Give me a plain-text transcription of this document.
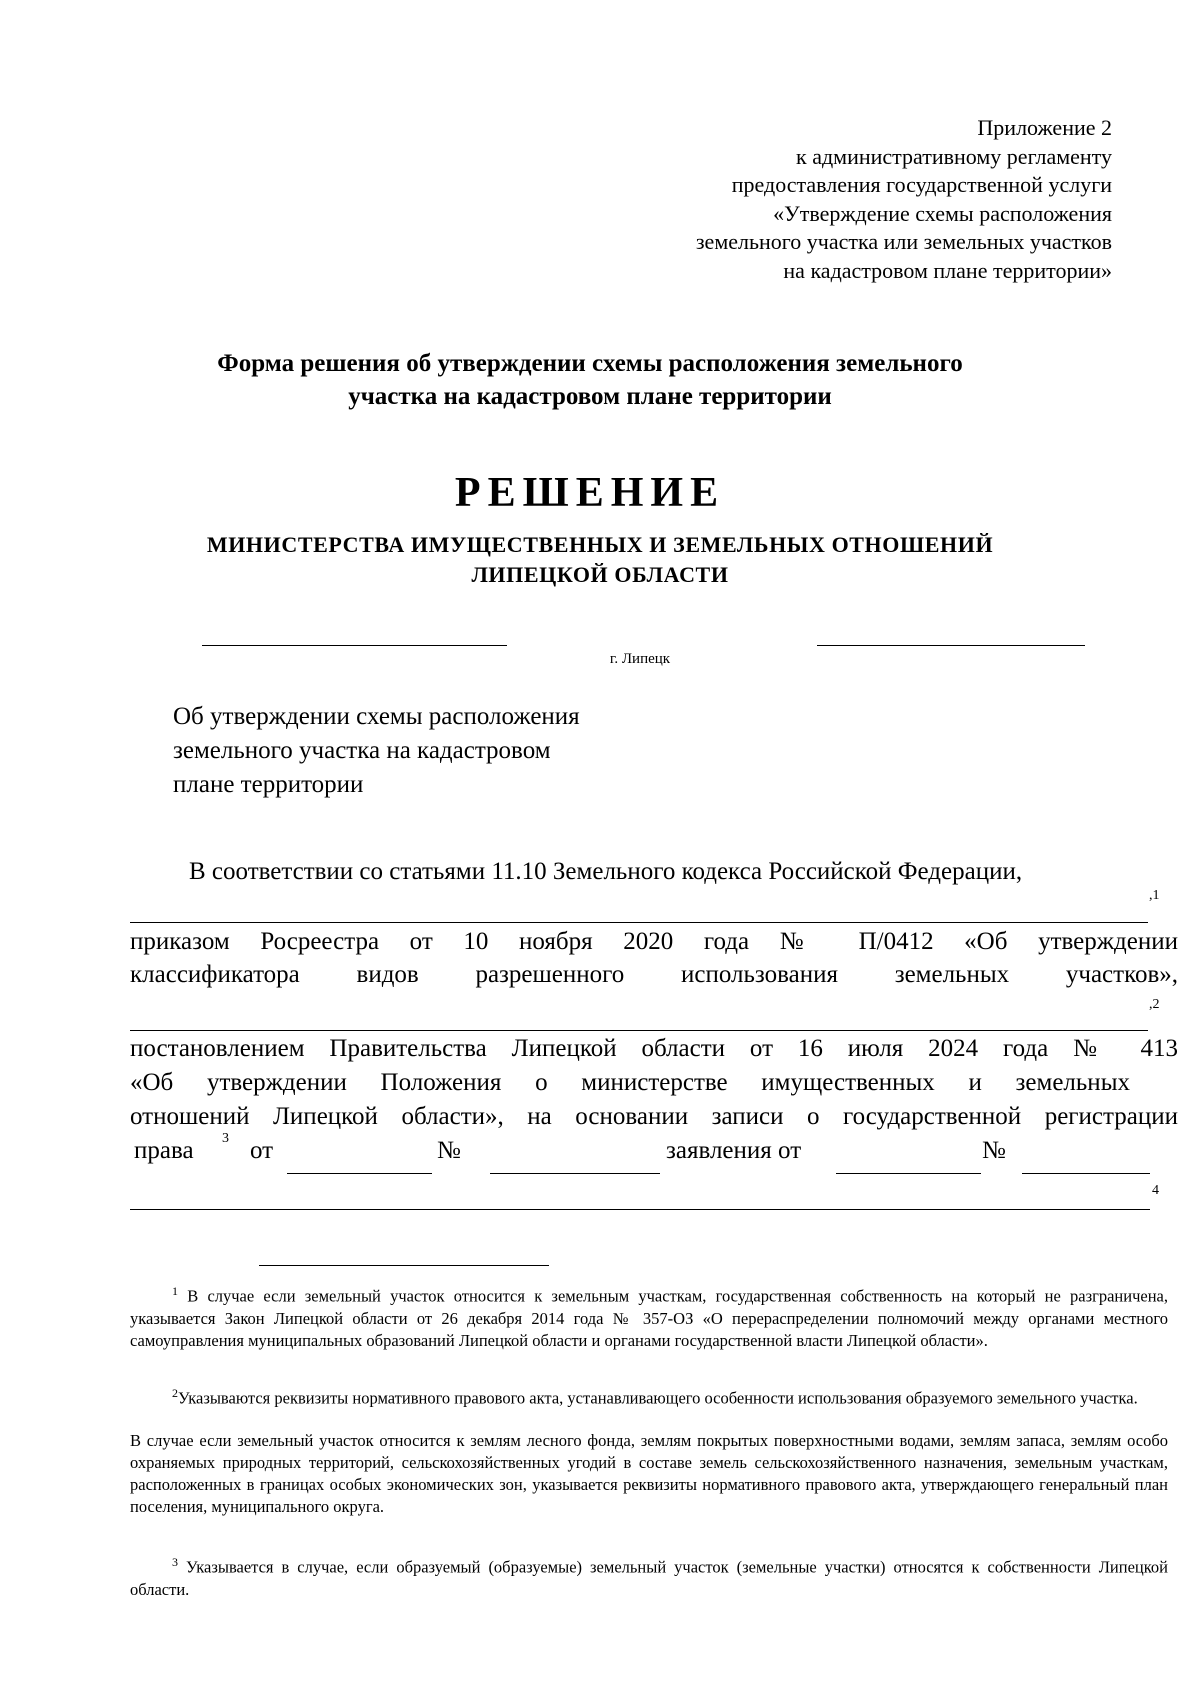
Приложение 2
к административному регламенту
предоставления государственной услуги
«Утверждение схемы расположения
земельного участка или земельных участков
на кадастровом плане территории»
Форма решения об утверждении схемы расположения земельного
участка на кадастровом плане территории
РЕШЕНИЕ
МИНИСТЕРСТВА ИМУЩЕСТВЕННЫХ И ЗЕМЕЛЬНЫХ ОТНОШЕНИЙ
ЛИПЕЦКОЙ ОБЛАСТИ
г. Липецк
Об утверждении схемы расположения
земельного участка на кадастровом
плане территории
В соответствии со статьями 11.10 Земельного кодекса Российской Федерации,
,1
приказом Росреестра от 10 ноября 2020 года № П/0412 «Об утверждении
классификатора видов разрешенного использования земельных участков»,
,2
постановлением Правительства Липецкой области от 16 июля 2024 года № 413
«Об утверждении Положения о министерстве имущественных и земельных
отношений Липецкой области», на основании записи о государственной регистрации
права 3 от	№	заявления от	№
4
$^1$ В случае если земельный участок относится к земельным участкам, государственная собственность на который не разграничена, указывается Закон Липецкой области от 26 декабря 2014 года № 357-ОЗ «О перераспределении полномочий между органами местного самоуправления муниципальных образований Липецкой области и органами государственной власти Липецкой области».
$^2$Указываются реквизиты нормативного правового акта, устанавливающего особенности использования образуемого земельного участка.
В случае если земельный участок относится к землям лесного фонда, землям покрытых поверхностными водами, землям запаса, землям особо охраняемых природных территорий, сельскохозяйственных угодий в составе земель сельскохозяйственного назначения, земельным участкам, расположенных в границах особых экономических зон, указывается реквизиты нормативного правового акта, утверждающего генеральный план поселения, муниципального округа.
$^3$ Указывается в случае, если образуемый (образуемые) земельный участок (земельные участки) относятся к собственности Липецкой области.
